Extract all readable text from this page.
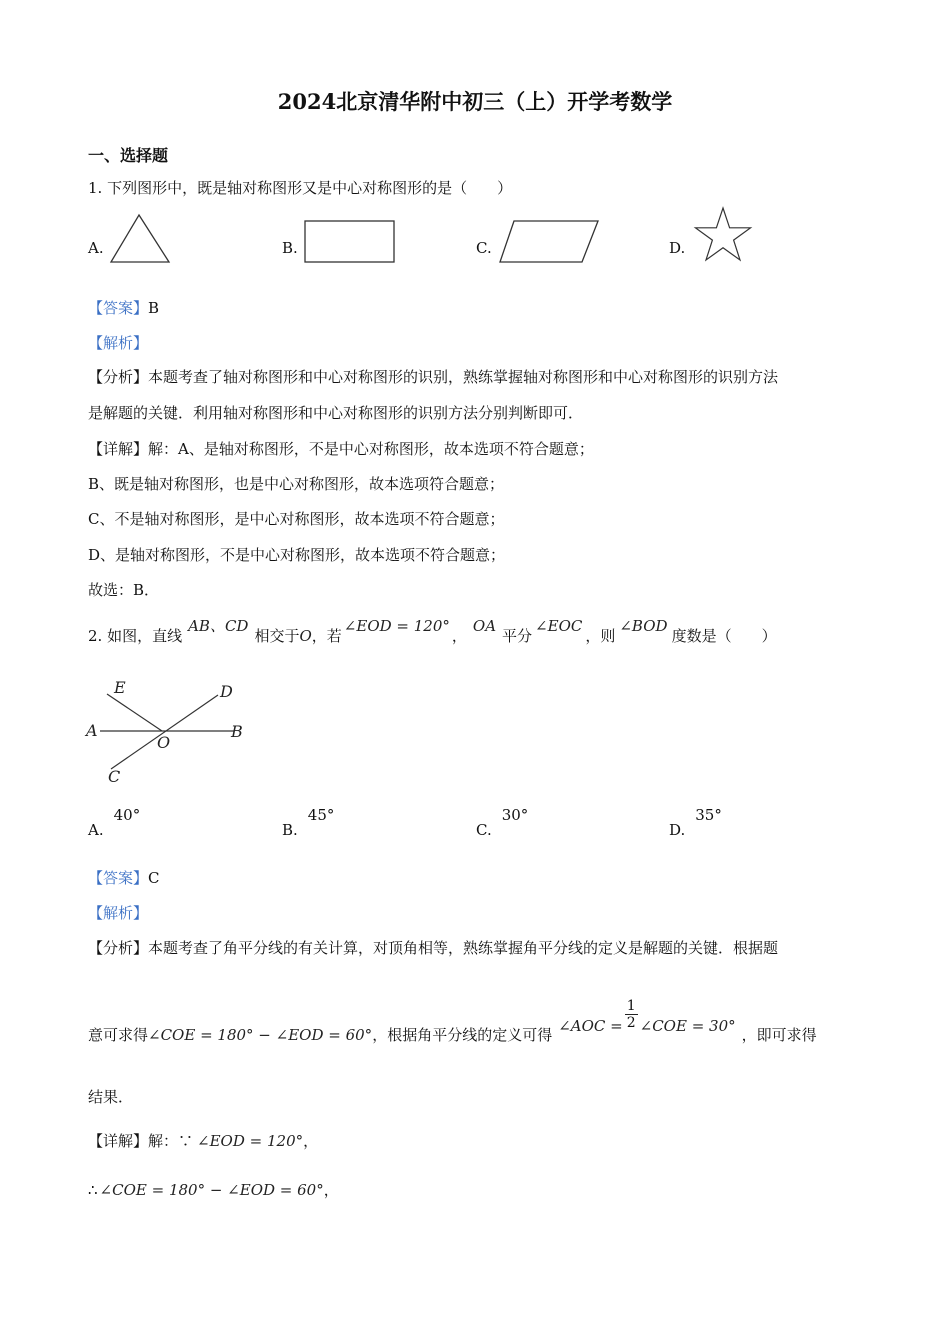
2024北京清华附中初三（上）开学考数学
一、选择题
1. 下列图形中，既是轴对称图形又是中心对称图形的是（　　）
A.	B.	C.	D.
【答案】B
【解析】
【分析】本题考查了轴对称图形和中心对称图形的识别，熟练掌握轴对称图形和中心对称图形的识别方法
是解题的关键．利用轴对称图形和中心对称图形的识别方法分别判断即可．
【详解】解：A、是轴对称图形，不是中心对称图形，故本选项不符合题意；
B、既是轴对称图形，也是中心对称图形，故本选项符合题意；
C、不是轴对称图形，是中心对称图形，故本选项不符合题意；
D、是轴对称图形，不是中心对称图形，故本选项不符合题意；
故选：B．
2. 如图，直线AB、CD相交于O，若∠EOD = 120°，OA平分∠EOC，则∠BOD度数是（　　）
E	D
A
O
B
C
A.40°
B.45°
C.30°
D.35°
【答案】C
【解析】
【分析】本题考查了角平分线的有关计算，对顶角相等，熟练掌握角平分线的定义是解题的关键．根据题
意可求得∠COE = 180° − ∠EOD = 60°，根据角平分线的定义可得∠AOC = $\frac{1}{2}$ ∠COE = 30°，即可求得
结果．
【详解】解：∵ ∠EOD = 120°，
∴ ∠COE = 180° − ∠EOD = 60°，
